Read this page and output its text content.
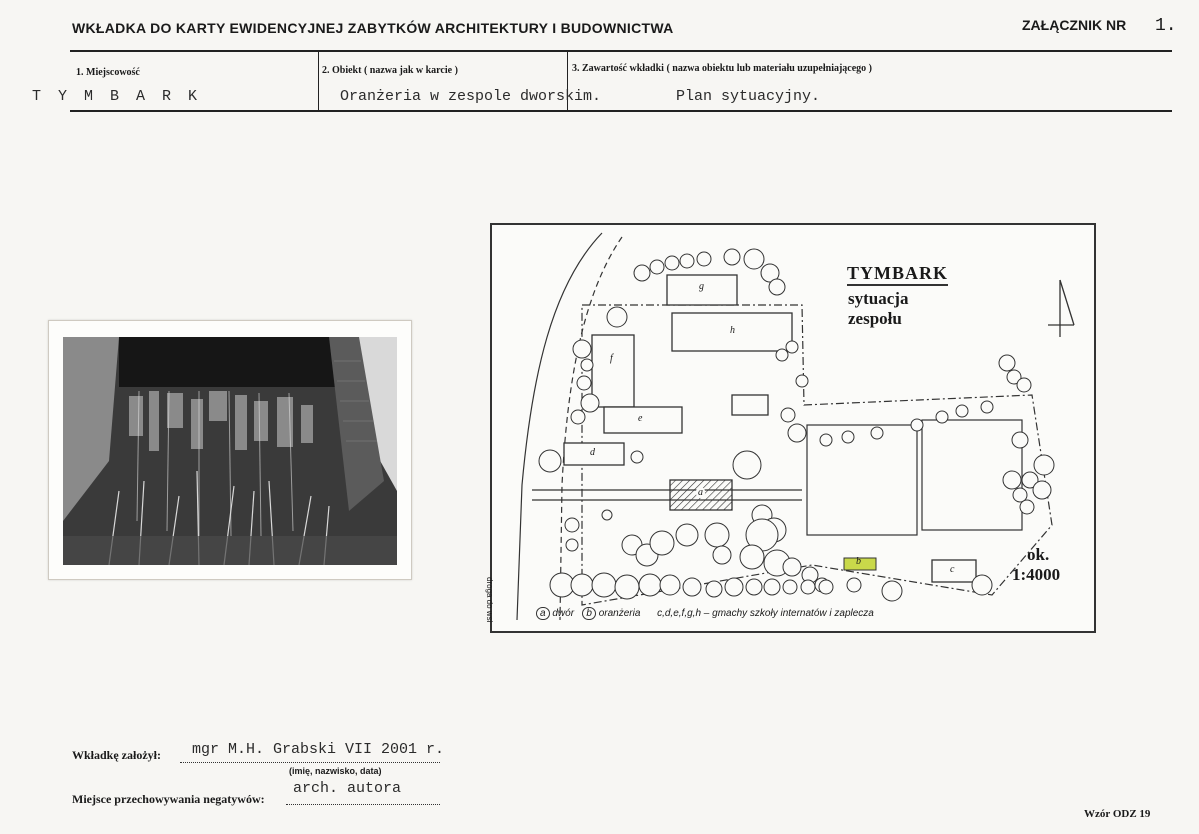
WKŁADKA DO KARTY EWIDENCYJNEJ ZABYTKÓW ARCHITEKTURY I BUDOWNICTWA	ZAŁĄCZNIK NR 1.
1. Miejscowość
T Y M B A R K
2. Obiekt ( nazwa jak w karcie )
Oranżeria w zespole dworskim.
3. Zawartość wkładki ( nazwa obiektu lub materiału uzupełniającego )
Plan sytuacyjny.
TYMBARK
sytuacja
zespołu
ok.
1:4000
droga do wsi
g
h
f
e
d
a
b
c
a dwór b oranżeria c,d,e,f,g,h – gmachy szkoły internatów i zaplecza
Wkładkę założył: mgr M.H. Grabski VII 2001 r.
(imię, nazwisko, data)
Miejsce przechowywania negatywów:
arch. autora
Wzór ODZ 19
